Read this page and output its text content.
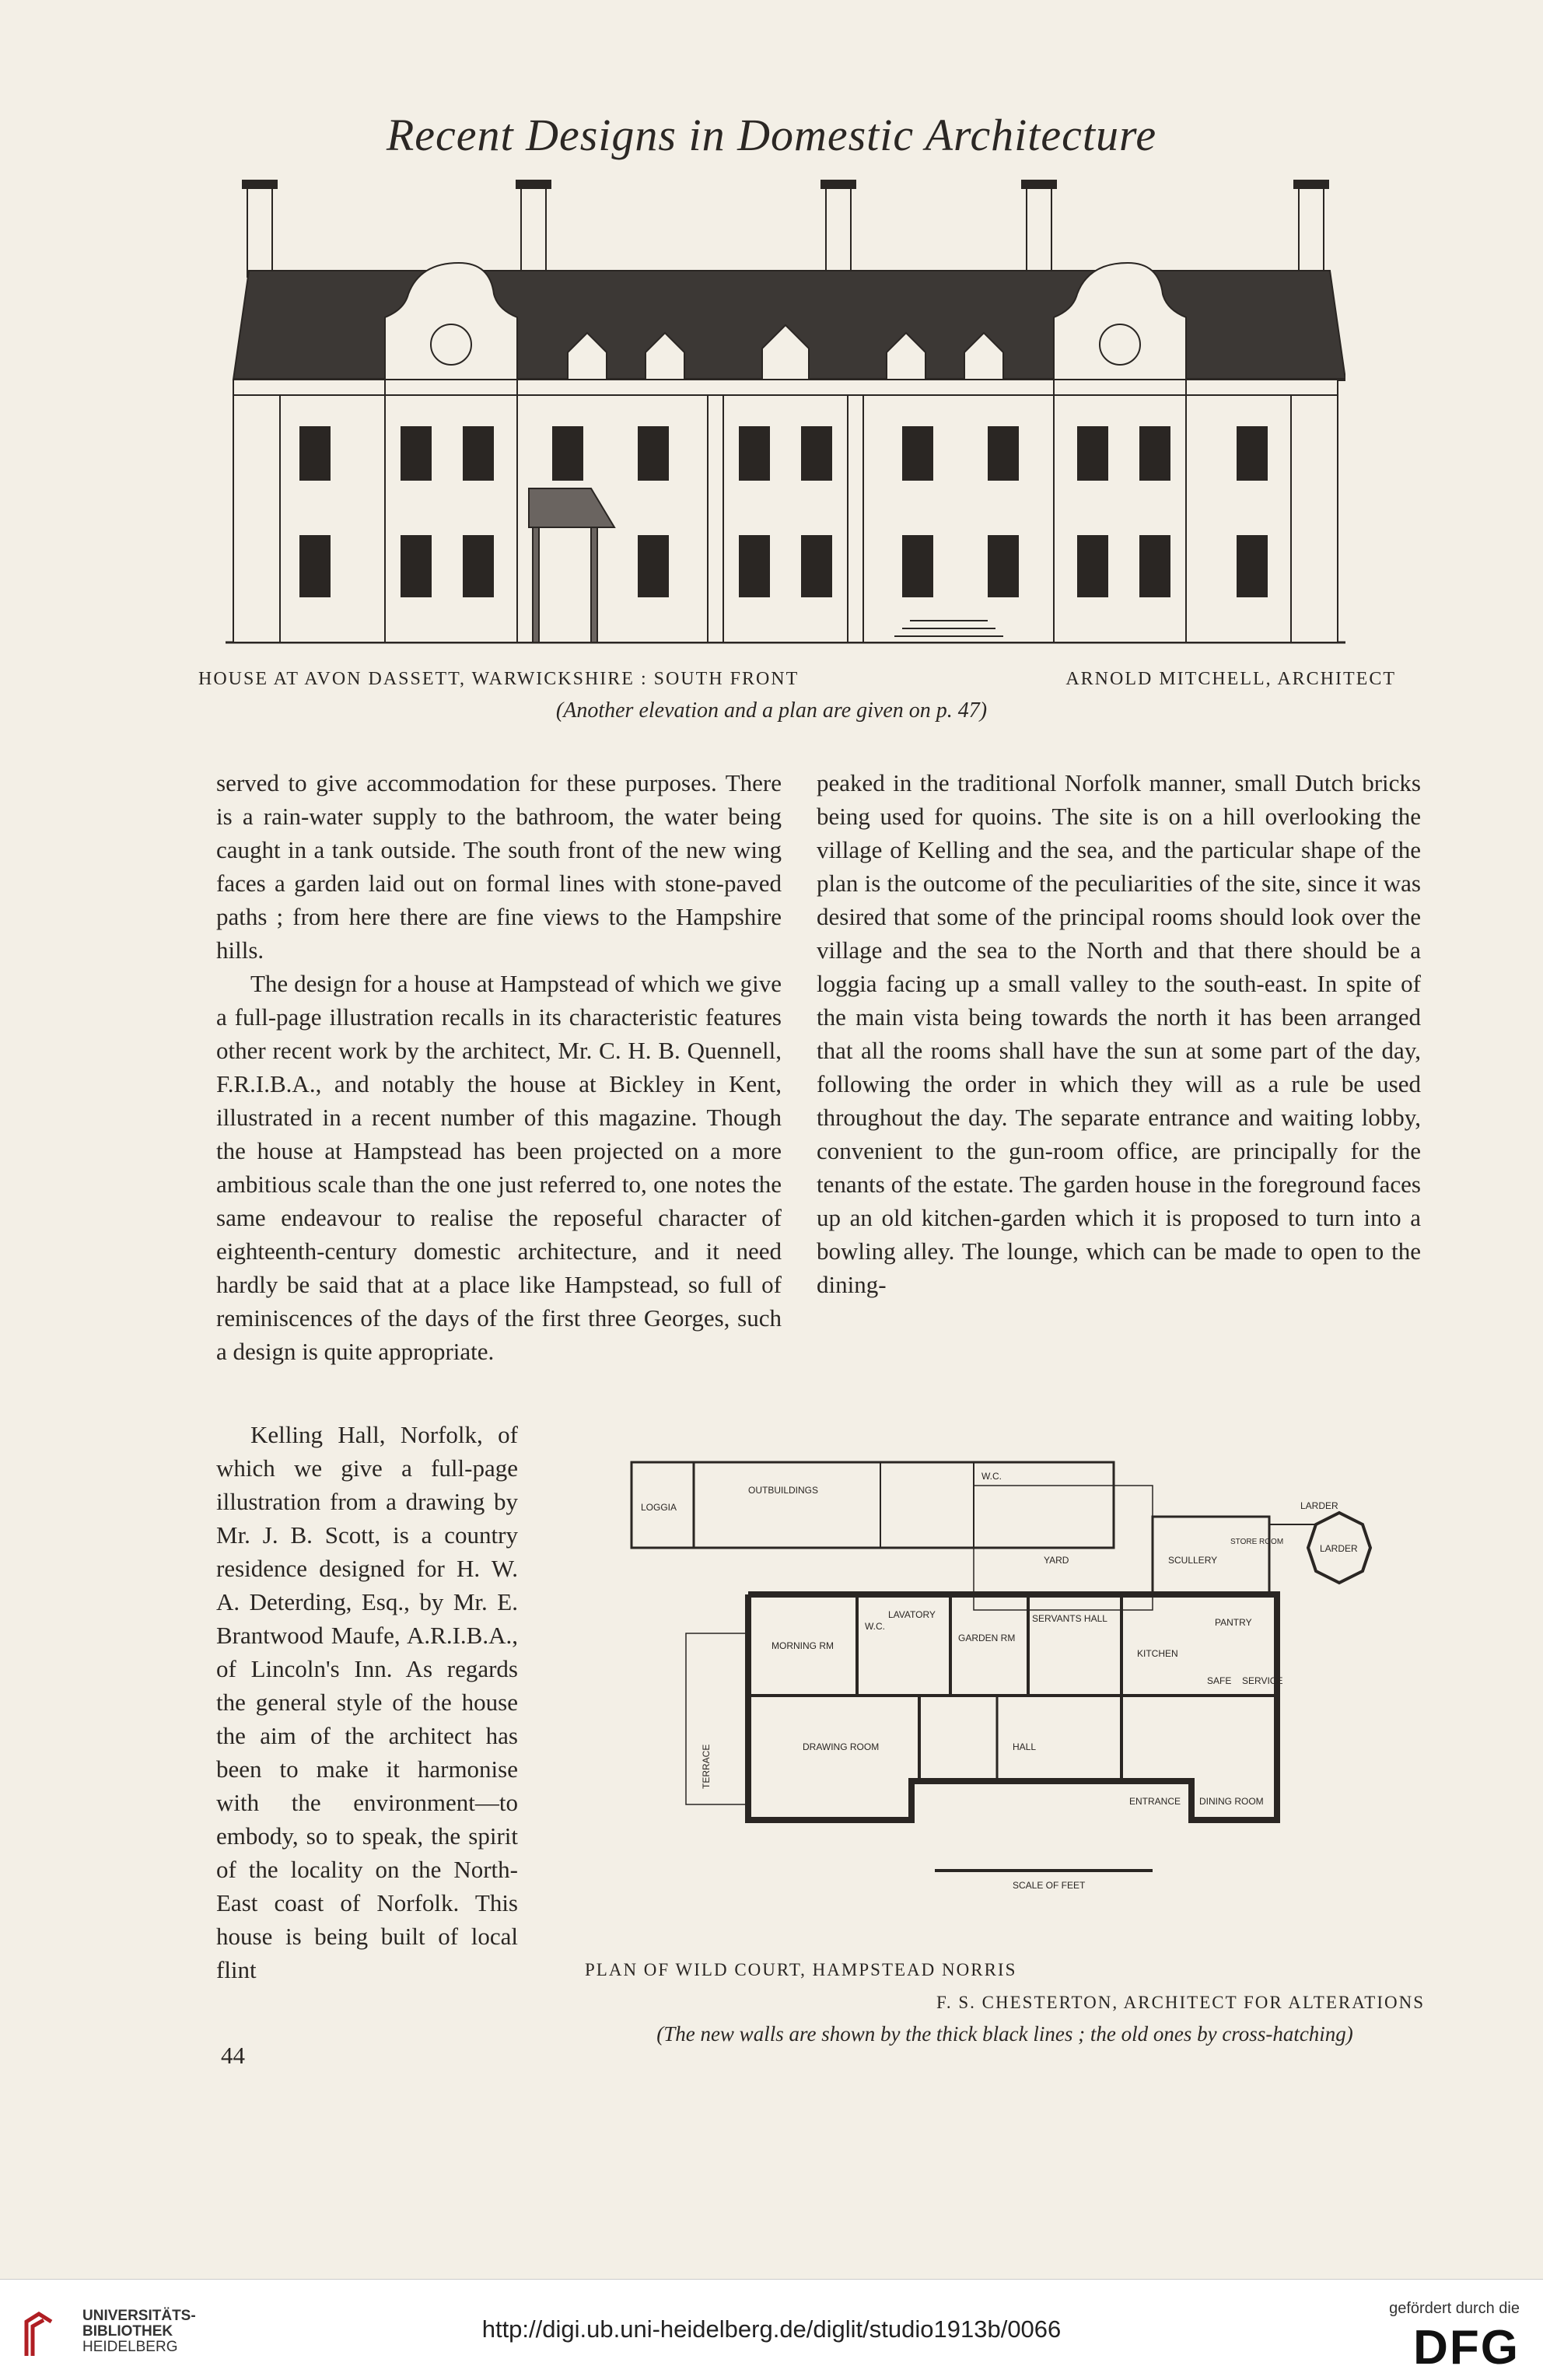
Recent Designs in Domestic Architecture
HOUSE AT AVON DASSETT, WARWICKSHIRE : SOUTH FRONT	ARNOLD MITCHELL, ARCHITECT
(Another elevation and a plan are given on p. 47)

served to give accommodation for these purposes. There is a rain-water supply to the bathroom, the water being caught in a tank outside. The south front of the new wing faces a garden laid out on formal lines with stone-paved paths ; from here there are fine views to the Hampshire hills.

The design for a house at Hampstead of which we give a full-page illustration recalls in its characteristic features other recent work by the architect, Mr. C. H. B. Quennell, F.R.I.B.A., and notably the house at Bickley in Kent, illustrated in a recent number of this magazine. Though the house at Hampstead has been projected on a more ambitious scale than the one just referred to, one notes the same endeavour to realise the reposeful character of eighteenth-century domestic architecture, and it need hardly be said that at a place like Hampstead, so full of reminiscences of the days of the first three Georges, such a design is quite appropriate.

Kelling Hall, Norfolk, of which we give a full-page illustration from a drawing by Mr. J. B. Scott, is a country residence designed for H. W. A. Deterding, Esq., by Mr. E. Brantwood Maufe, A.R.I.B.A., of Lincoln's Inn. As regards the general style of the house the aim of the architect has been to make it harmonise with the environment—to embody, so to speak, the spirit of the locality on the North-East coast of Norfolk. This house is being built of local flint

peaked in the traditional Norfolk manner, small Dutch bricks being used for quoins. The site is on a hill overlooking the village of Kelling and the sea, and the particular shape of the plan is the outcome of the peculiarities of the site, since it was desired that some of the principal rooms should look over the village and the sea to the North and that there should be a loggia facing up a small valley to the south-east. In spite of the main vista being towards the north it has been arranged that all the rooms shall have the sun at some part of the day, following the order in which they will as a rule be used throughout the day. The separate entrance and waiting lobby, convenient to the gun-room office, are principally for the tenants of the estate. The garden house in the foreground faces up an old kitchen-garden which it is proposed to turn into a bowling alley. The lounge, which can be made to open to the dining-

44
LOGGIA
OUTBUILDINGS
W.C.
YARD	SCULLERY
STORE ROOM
LARDER
LARDER
MORNING RM
W.C.
LAVATORY
GARDEN RM
SERVANTS HALL
KITCHEN
PANTRY
SAFE SERVICE
DRAWING ROOM	HALL
TERRACE
ENTRANCE DINING ROOM
SCALE OF FEET
PLAN OF WILD COURT, HAMPSTEAD NORRIS
F. S. CHESTERTON, ARCHITECT FOR ALTERATIONS
(The new walls are shown by the thick black lines ; the old ones by cross-hatching)
UNIVERSITÄTS-
BIBLIOTHEK
HEIDELBERG
http://digi.ub.uni-heidelberg.de/diglit/studio1913b/0066
gefördert durch die
DFG
